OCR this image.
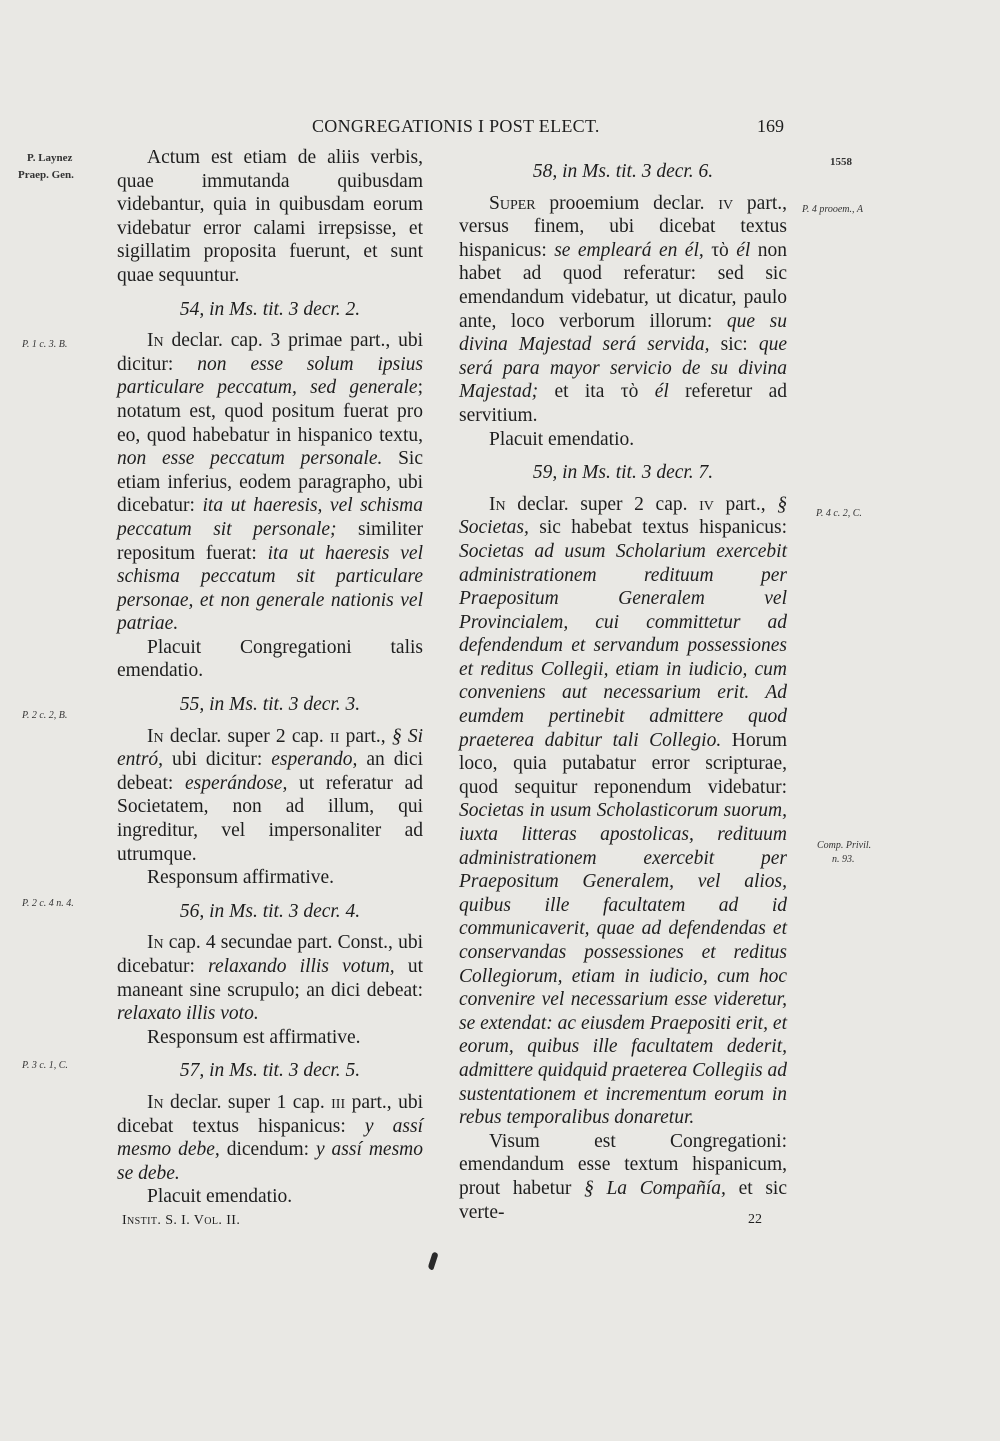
CONGREGATIONIS I POST ELECT.	169
P. Laynez
Praep. Gen.
P. 1 c. 3. B.
P. 2 c. 2, B.
P. 2 c. 4 n. 4.
P. 3 c. 1, C.
1558
P. 4 prooem., A
P. 4 c. 2, C.
Comp. Privil.
n. 93.

Actum est etiam de aliis verbis, quae immutanda quibusdam videbantur, quia in quibusdam eorum videbatur error calami irrepsisse, et sigillatim proposita fuerunt, et sunt quae sequuntur.

54, in Ms. tit. 3 decr. 2.

In declar. cap. 3 primae part., ubi dicitur: non esse solum ipsius particulare peccatum, sed generale; notatum est, quod positum fuerat pro eo, quod habebatur in hispanico textu, non esse peccatum personale. Sic etiam inferius, eodem paragrapho, ubi dicebatur: ita ut haeresis, vel schisma peccatum sit personale; similiter repositum fuerat: ita ut haeresis vel schisma peccatum sit particulare personae, et non generale nationis vel patriae.

Placuit Congregationi talis emendatio.

55, in Ms. tit. 3 decr. 3.

In declar. super 2 cap. ii part., § Si entró, ubi dicitur: esperando, an dici debeat: esperándose, ut referatur ad Societatem, non ad illum, qui ingreditur, vel impersonaliter ad utrumque.

Responsum affirmative.

56, in Ms. tit. 3 decr. 4.

In cap. 4 secundae part. Const., ubi dicebatur: relaxando illis votum, ut maneant sine scrupulo; an dici debeat: relaxato illis voto.

Responsum est affirmative.

57, in Ms. tit. 3 decr. 5.

In declar. super 1 cap. iii part., ubi dicebat textus hispanicus: y assí mesmo debe, dicendum: y assí mesmo se debe.

Placuit emendatio.

58, in Ms. tit. 3 decr. 6.

Super prooemium declar. iv part., versus finem, ubi dicebat textus hispanicus: se empleará en él, τὸ él non habet ad quod referatur: sed sic emendandum videbatur, ut dicatur, paulo ante, loco verborum illorum: que su divina Majestad será servida, sic: que será para mayor servicio de su divina Majestad; et ita τὸ él referetur ad servitium.

Placuit emendatio.

59, in Ms. tit. 3 decr. 7.

In declar. super 2 cap. iv part., § Societas, sic habebat textus hispanicus: Societas ad usum Scholarium exercebit administrationem redituum per Praepositum Generalem vel Provincialem, cui committetur ad defendendum et servandum possessiones et reditus Collegii, etiam in iudicio, cum conveniens aut necessarium erit. Ad eumdem pertinebit admittere quod praeterea dabitur tali Collegio. Horum loco, quia putabatur error scripturae, quod sequitur reponendum videbatur: Societas in usum Scholasticorum suorum, iuxta litteras apostolicas, redituum administrationem exercebit per Praepositum Generalem, vel alios, quibus ille facultatem ad id communicaverit, quae ad defendendas et conservandas possessiones et reditus Collegiorum, etiam in iudicio, cum hoc convenire vel necessarium esse videretur, se extendat: ac eiusdem Praepositi erit, et eorum, quibus ille facultatem dederit, admittere quidquid praeterea Collegiis ad sustentationem et incrementum eorum in rebus temporalibus donaretur.

Visum est Congregationi: emendandum esse textum hispanicum, prout habetur § La Compañía, et sic verte-

Instit. S. I. Vol. II.	22
